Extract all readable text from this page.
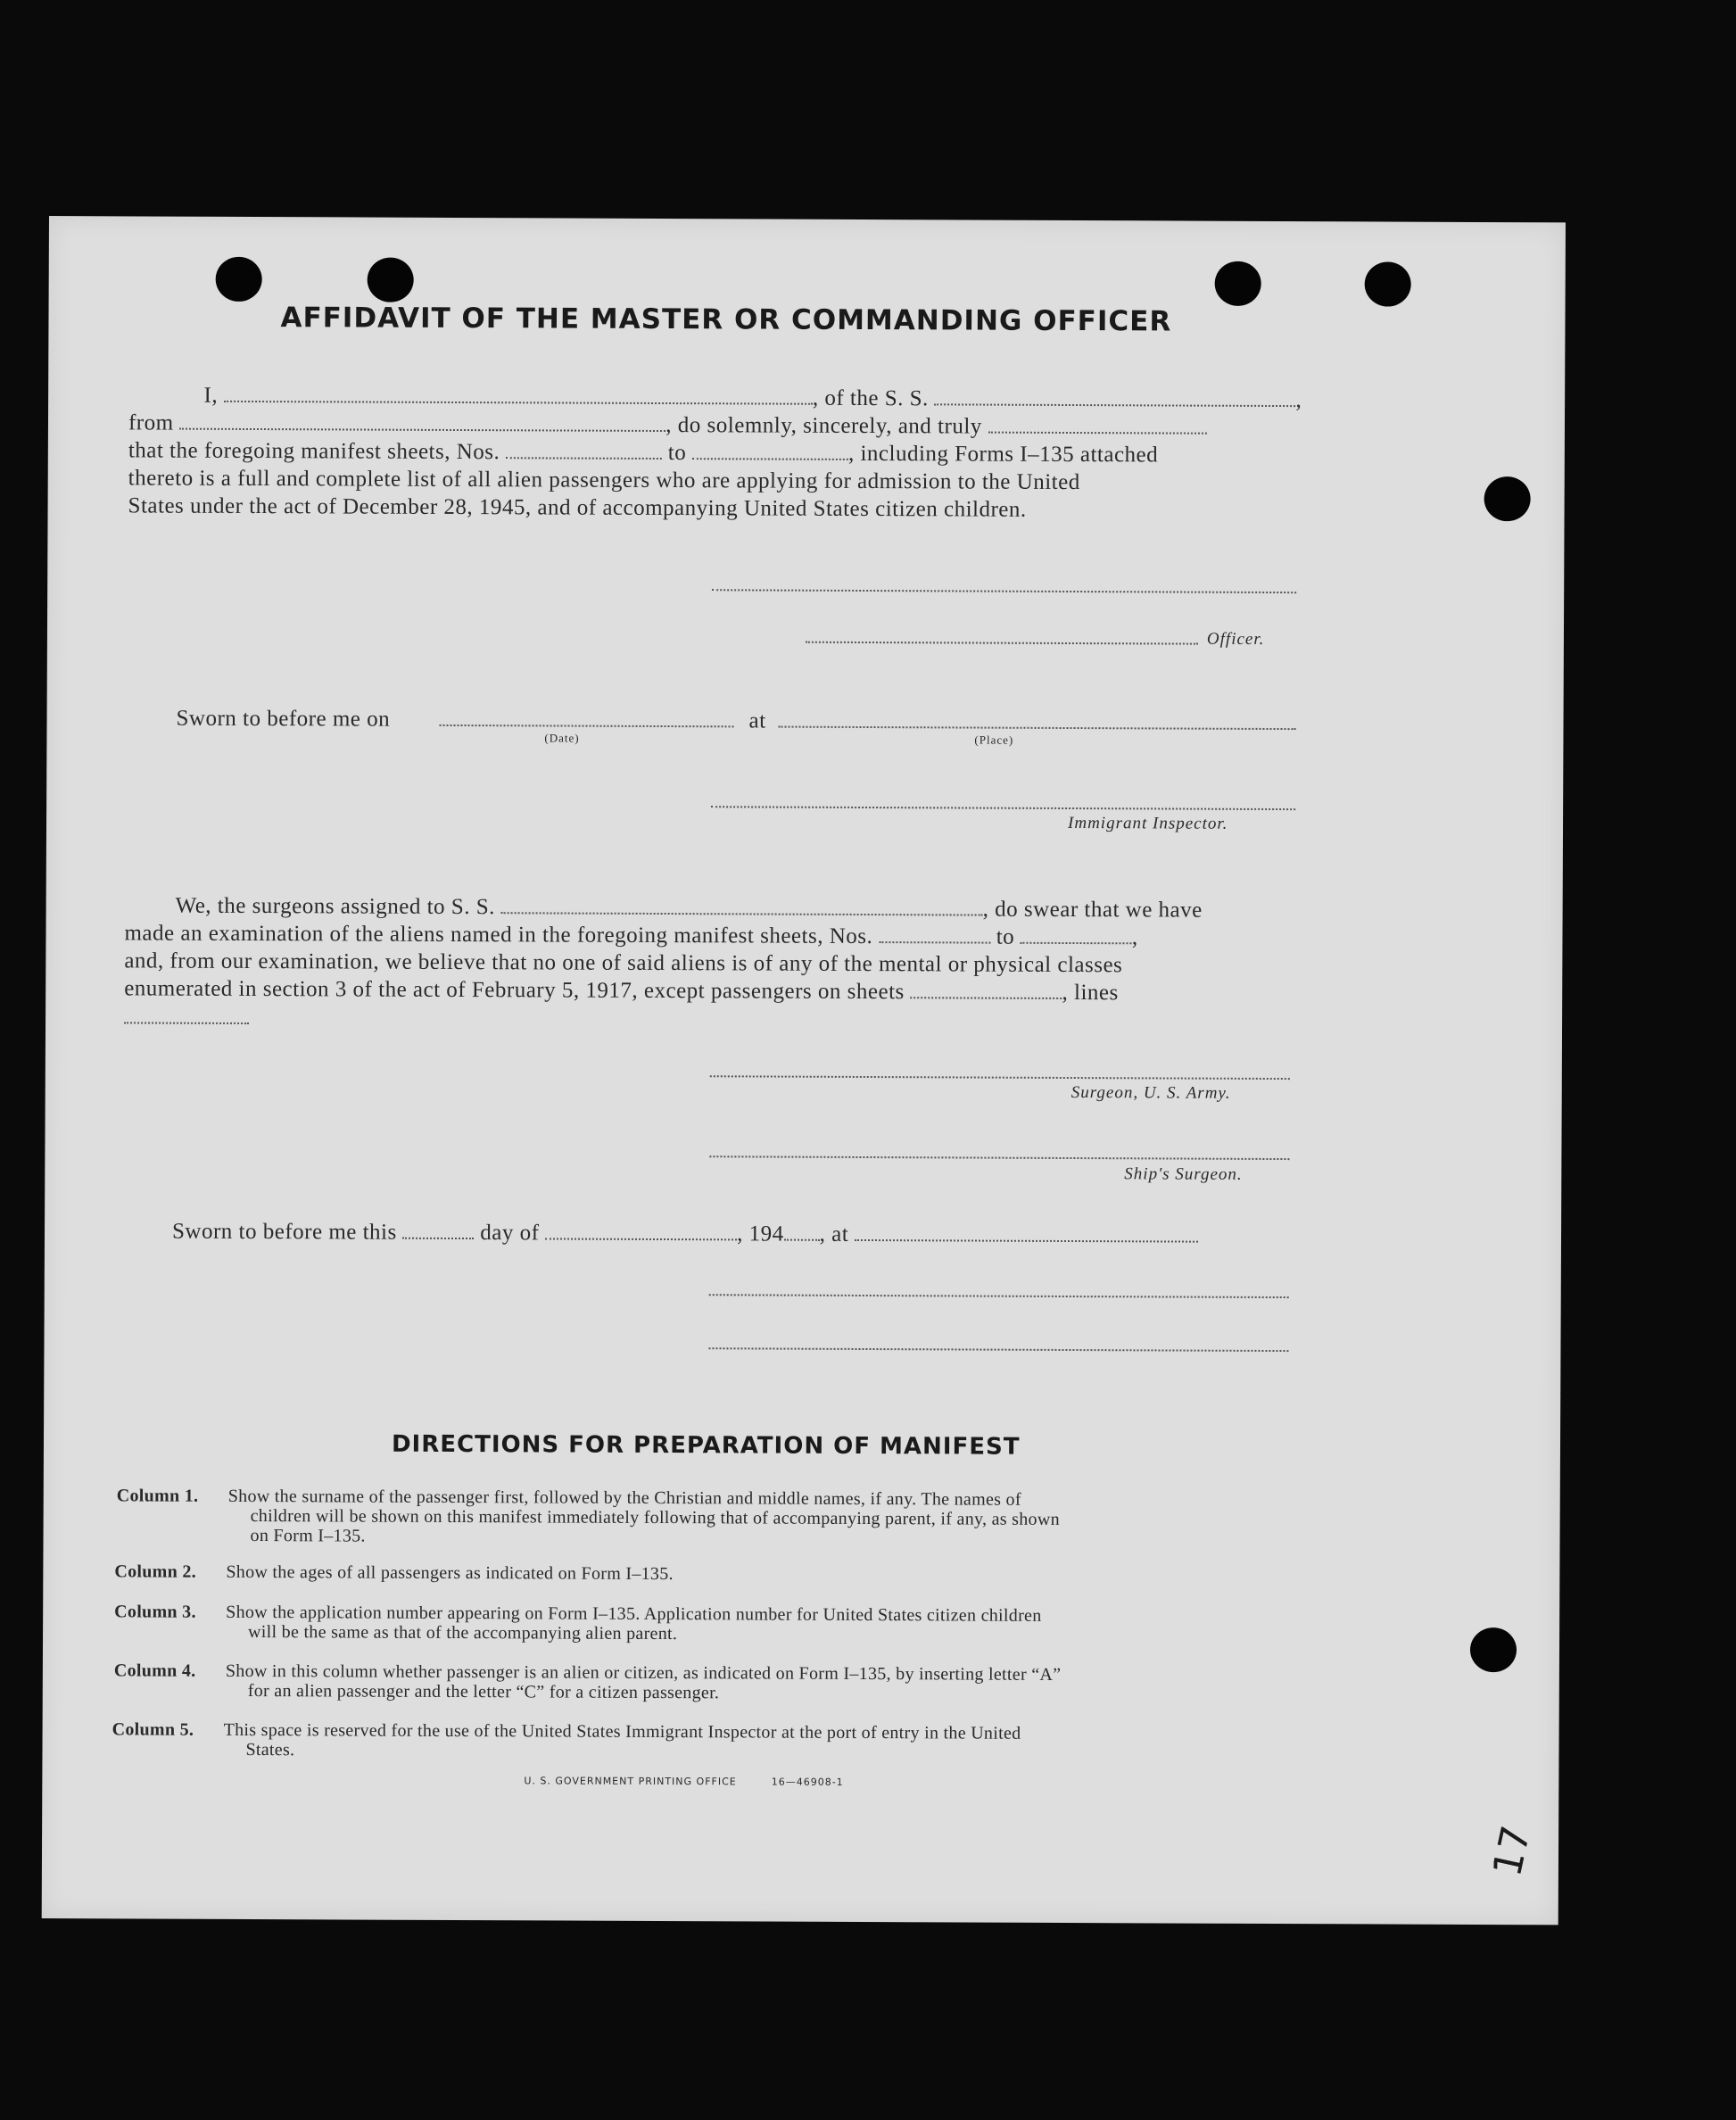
AFFIDAVIT OF THE MASTER OR COMMANDING OFFICER
I,	, of the S. S.	,
from	, do solemnly, sincerely, and truly
that the foregoing manifest sheets, Nos.	to	, including Forms I–135 attached
thereto is a full and complete list of all alien passengers who are applying for admission to the United
States under the act of December 28, 1945, and of accompanying United States citizen children.
Officer.
Sworn to before me on	at
(Date)	(Place)
Immigrant Inspector.
We, the surgeons assigned to S. S.	, do swear that we have
made an examination of the aliens named in the foregoing manifest sheets, Nos.	to	,
and, from our examination, we believe that no one of said aliens is of any of the mental or physical classes
enumerated in section 3 of the act of February 5, 1917, except passengers on sheets	, lines
Surgeon, U. S. Army.
Ship's Surgeon.
Sworn to before me this	day of	, 194 , at
DIRECTIONS FOR PREPARATION OF MANIFEST
Column 1. Show the surname of the passenger first, followed by the Christian and middle names, if any. The names of
children will be shown on this manifest immediately following that of accompanying parent, if any, as shown
on Form I–135.
Column 2. Show the ages of all passengers as indicated on Form I–135.
Column 3. Show the application number appearing on Form I–135. Application number for United States citizen children
will be the same as that of the accompanying alien parent.
Column 4. Show in this column whether passenger is an alien or citizen, as indicated on Form I–135, by inserting letter “A”
for an alien passenger and the letter “C” for a citizen passenger.
Column 5. This space is reserved for the use of the United States Immigrant Inspector at the port of entry in the United
States.
U. S. GOVERNMENT PRINTING OFFICE	16—46908-1
17
